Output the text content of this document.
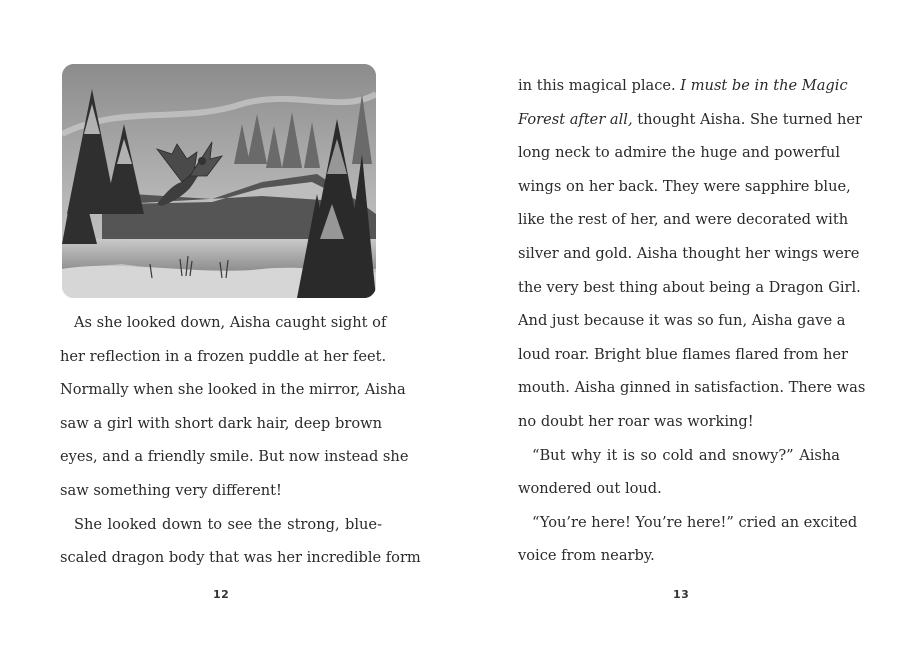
As she looked down, Aisha caught sight of
her reflection in a frozen puddle at her feet.
Normally when she looked in the mirror, Aisha
saw a girl with short dark hair, deep brown
eyes, and a friendly smile. But now instead she
saw something very different!
She looked down to see the strong, blue-
scaled dragon body that was her incredible form
12
in this magical place. I must be in the Magic
Forest after all, thought Aisha. She turned her
long neck to admire the huge and powerful
wings on her back. They were sapphire blue,
like the rest of her, and were decorated with
silver and gold. Aisha thought her wings were
the very best thing about being a Dragon Girl.
And just because it was so fun, Aisha gave a
loud roar. Bright blue flames flared from her
mouth. Aisha ginned in satisfaction. There was
no doubt her roar was working!
“But why it is so cold and snowy?” Aisha
wondered out loud.
“You’re here! You’re here!” cried an excited
voice from nearby.
13
